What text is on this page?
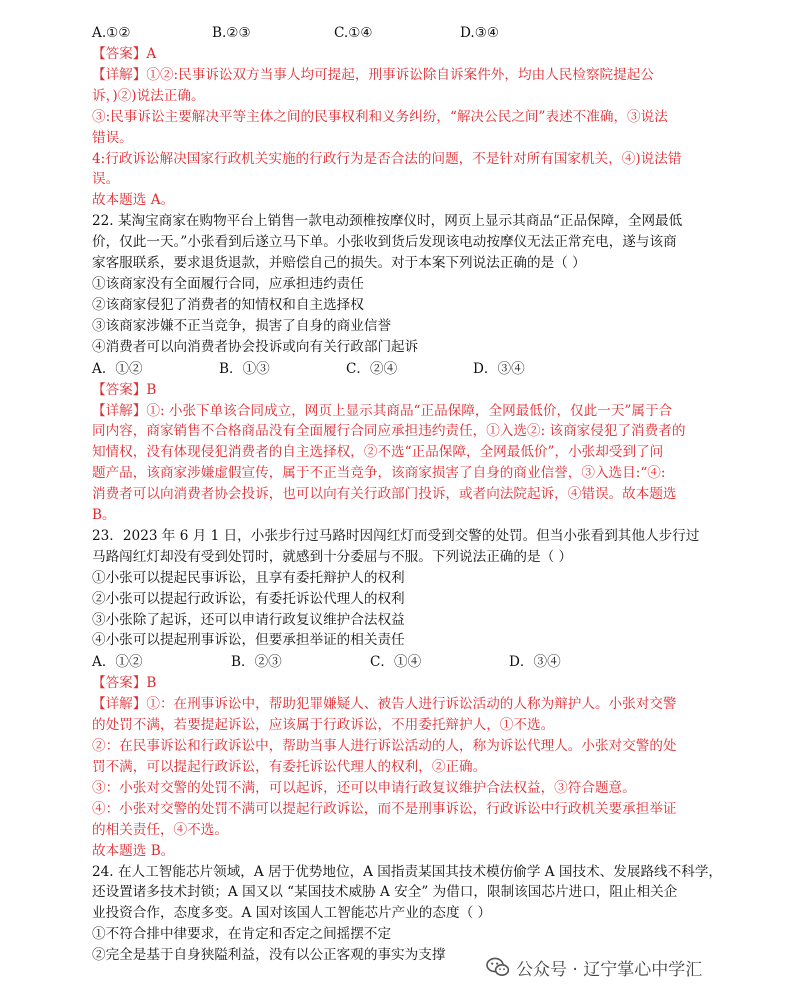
A.①②	B.②③	C.①④	D.③④
【答案】A
【详解】①②:民事诉讼双方当事人均可提起，刑事诉讼除自诉案件外，均由人民检察院提起公
诉，)②)说法正确。
③:民事诉讼主要解决平等主体之间的民事权利和义务纠纷，“解决公民之间”表述不准确，③说法
错误。
4:行政诉讼解决国家行政机关实施的行政行为是否合法的问题，不是针对所有国家机关，④)说法错
误。
故本题选 A。
22. 某淘宝商家在购物平台上销售一款电动颈椎按摩仪时，网页上显示其商品“正品保障，全网最低
价，仅此一天。”小张看到后遂立马下单。小张收到货后发现该电动按摩仪无法正常充电，遂与该商
家客服联系，要求退货退款，并赔偿自己的损失。对于本案下列说法正确的是（ ）
①该商家没有全面履行合同，应承担违约责任
②该商家侵犯了消费者的知情权和自主选择权
③该商家涉嫌不正当竞争，损害了自身的商业信誉
④消费者可以向消费者协会投诉或向有关行政部门起诉
A．①②	B．①③	C．②④	D．③④
【答案】B
【详解】①: 小张下单该合同成立，网页上显示其商品“正品保障，全网最低价，仅此一天”属于合
同内容，商家销售不合格商品没有全面履行合同应承担违约责任，①入选②: 该商家侵犯了消费者的
知情权，没有体现侵犯消费者的自主选择权，②不选“正品保障，全网最低价”，小张却受到了问
题产品，该商家涉嫌虚假宣传，属于不正当竞争，该商家损害了自身的商业信誉，③入选目:“④:
消费者可以向消费者协会投诉，也可以向有关行政部门投诉，或者向法院起诉，④错误。故本题选
B。
23．2023 年 6 月 1 日，小张步行过马路时因闯红灯而受到交警的处罚。但当小张看到其他人步行过
马路闯红灯却没有受到处罚时，就感到十分委屈与不服。下列说法正确的是（ ）
①小张可以提起民事诉讼，且享有委托辩护人的权利
②小张可以提起行政诉讼，有委托诉讼代理人的权利
③小张除了起诉，还可以申请行政复议维护合法权益
④小张可以提起刑事诉讼，但要承担举证的相关责任
A．①②	B．②③	C．①④	D．③④
【答案】B
【详解】①：在刑事诉讼中，帮助犯罪嫌疑人、被告人进行诉讼活动的人称为辩护人。小张对交警
的处罚不满，若要提起诉讼，应该属于行政诉讼，不用委托辩护人，①不选。
②：在民事诉讼和行政诉讼中，帮助当事人进行诉讼活动的人，称为诉讼代理人。小张对交警的处
罚不满，可以提起行政诉讼，有委托诉讼代理人的权利，②正确。
③：小张对交警的处罚不满，可以起诉，还可以申请行政复议维护合法权益，③符合题意。
④：小张对交警的处罚不满可以提起行政诉讼，而不是刑事诉讼，行政诉讼中行政机关要承担举证
的相关责任，④不选。
故本题选 B。
24. 在人工智能芯片领域，A 居于优势地位，A 国指责某国其技术模仿偷学 A 国技术、发展路线不科学，
还设置诸多技术封锁；A 国又以 “某国技术威胁 A 安全” 为借口，限制该国芯片进口，阻止相关企
业投资合作，态度多变。A 国对该国人工智能芯片产业的态度（ ）
①不符合排中律要求，在肯定和否定之间摇摆不定
②完全是基于自身狭隘利益，没有以公正客观的事实为支撑
公众号 · 辽宁掌心中学汇
